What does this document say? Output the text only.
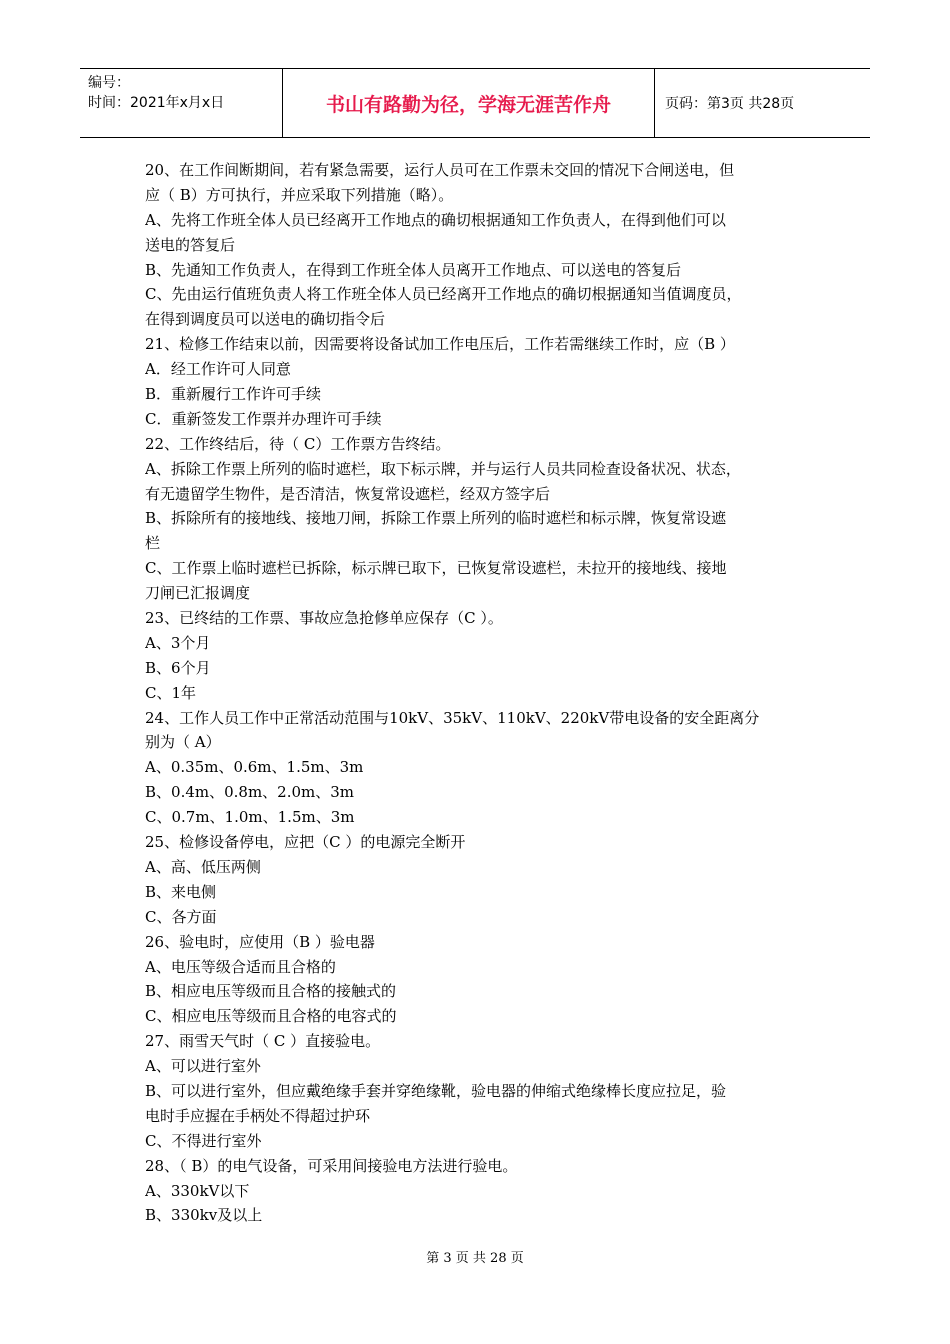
编号：
时间：2021年x月x日	书山有路勤为径，学海无涯苦作舟	页码：第3页 共28页
20、在工作间断期间，若有紧急需要，运行人员可在工作票未交回的情况下合闸送电，但
应（ B）方可执行，并应采取下列措施（略）。
A、先将工作班全体人员已经离开工作地点的确切根据通知工作负责人，在得到他们可以
送电的答复后
B、先通知工作负责人，在得到工作班全体人员离开工作地点、可以送电的答复后
C、先由运行值班负责人将工作班全体人员已经离开工作地点的确切根据通知当值调度员，
在得到调度员可以送电的确切指令后
21、检修工作结束以前，因需要将设备试加工作电压后，工作若需继续工作时，应（B ）
A．经工作许可人同意
B．重新履行工作许可手续
C．重新签发工作票并办理许可手续
22、工作终结后，待（ C）工作票方告终结。
A、拆除工作票上所列的临时遮栏，取下标示牌，并与运行人员共同检查设备状况、状态，
有无遗留学生物件，是否清洁，恢复常设遮栏，经双方签字后
B、拆除所有的接地线、接地刀闸，拆除工作票上所列的临时遮栏和标示牌，恢复常设遮
栏
C、工作票上临时遮栏已拆除，标示牌已取下，已恢复常设遮栏，未拉开的接地线、接地
刀闸已汇报调度
23、已终结的工作票、事故应急抢修单应保存（C ）。
A、3个月
B、6个月
C、1年
24、工作人员工作中正常活动范围与10kV、35kV、110kV、220kV带电设备的安全距离分
别为（ A）
A、0.35m、0.6m、1.5m、3m
B、0.4m、0.8m、2.0m、3m
C、0.7m、1.0m、1.5m、3m
25、检修设备停电，应把（C ）的电源完全断开
A、高、低压两侧
B、来电侧
C、各方面
26、验电时，应使用（B ）验电器
A、电压等级合适而且合格的
B、相应电压等级而且合格的接触式的
C、相应电压等级而且合格的电容式的
27、雨雪天气时（ C ）直接验电。
A、可以进行室外
B、可以进行室外，但应戴绝缘手套并穿绝缘靴，验电器的伸缩式绝缘棒长度应拉足，验
电时手应握在手柄处不得超过护环
C、不得进行室外
28、（ B）的电气设备，可采用间接验电方法进行验电。
A、330kV以下
B、330kv及以上
第 3 页 共 28 页
